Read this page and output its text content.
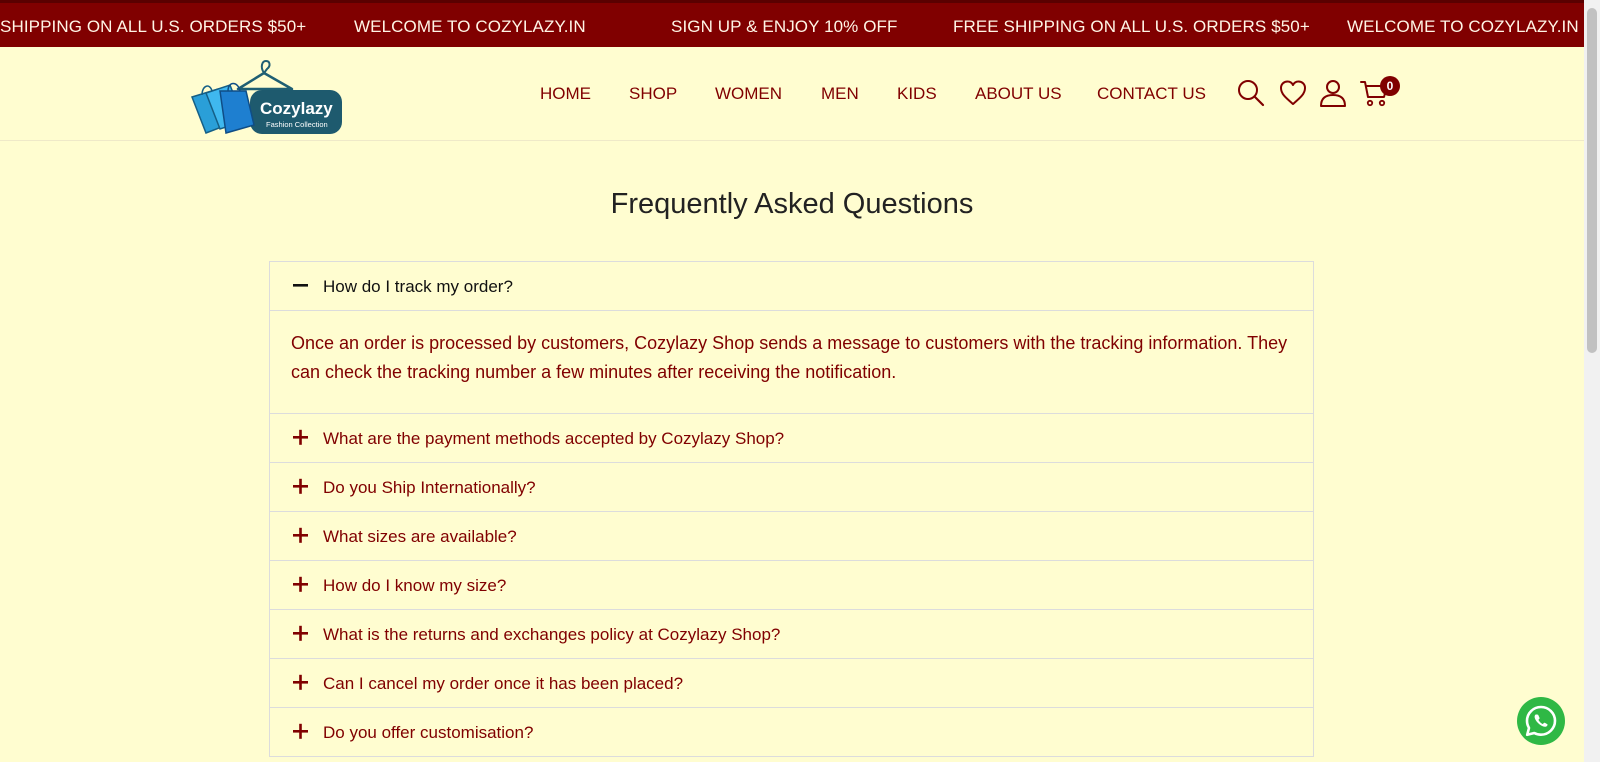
SHIPPING ON ALL U.S. ORDERS $50+	WELCOME TO COZYLAZY.IN	SIGN UP & ENJOY 10% OFF	FREE SHIPPING ON ALL U.S. ORDERS $50+ WELCOME TO COZYLAZY.IN
Cozylazy
Fashion Collection
HOME SHOP WOMEN MEN KIDS ABOUT US CONTACT US	0
Frequently Asked Questions
How do I track my order?
Once an order is processed by customers, Cozylazy Shop sends a message to customers with the tracking information. They can check the tracking number a few minutes after receiving the notification.
What are the payment methods accepted by Cozylazy Shop?
Do you Ship Internationally?
What sizes are available?
How do I know my size?
What is the returns and exchanges policy at Cozylazy Shop?
Can I cancel my order once it has been placed?
Do you offer customisation?
